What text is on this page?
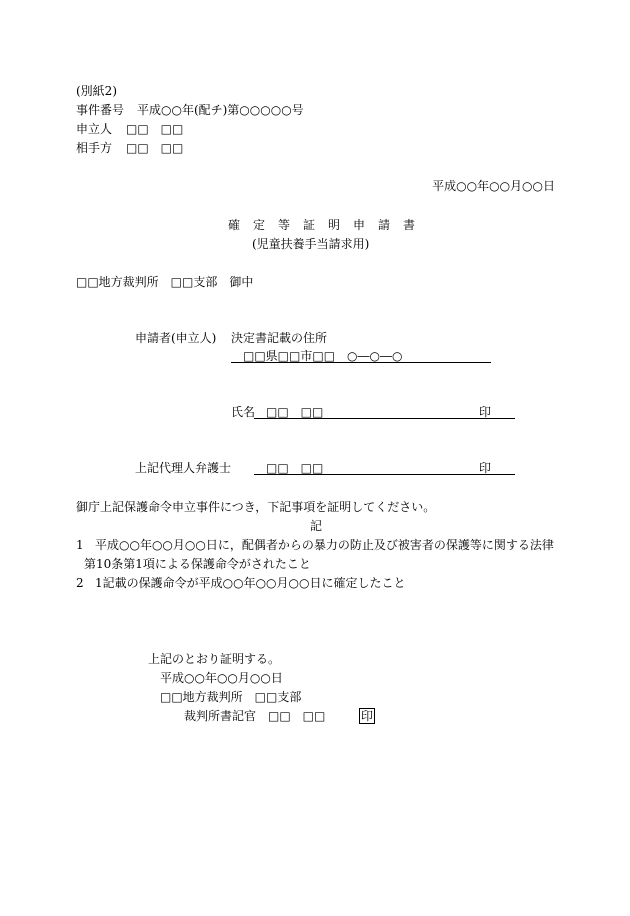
(別紙2)
事件番号 平成○○年(配チ)第○○○○○号
申立人 □□　□□
相手方 □□　□□
平成○○年○○月○○日
確定等証明申請書
(児童扶養手当請求用)
□□地方裁判所　□□支部　御中
申請者(申立人) 決定書記載の住所
□□県□□市□□　○―○―○
氏名 □□　□□	印
上記代理人弁護士	□□　□□	印
御庁上記保護命令申立事件につき，下記事項を証明してください。
記
1 平成○○年○○月○○日に，配偶者からの暴力の防止及び被害者の保護等に関する法律
第10条第1項による保護命令がされたこと
2 1記載の保護命令が平成○○年○○月○○日に確定したこと
上記のとおり証明する。
平成○○年○○月○○日
□□地方裁判所　□□支部
裁判所書記官 □□　□□	印
